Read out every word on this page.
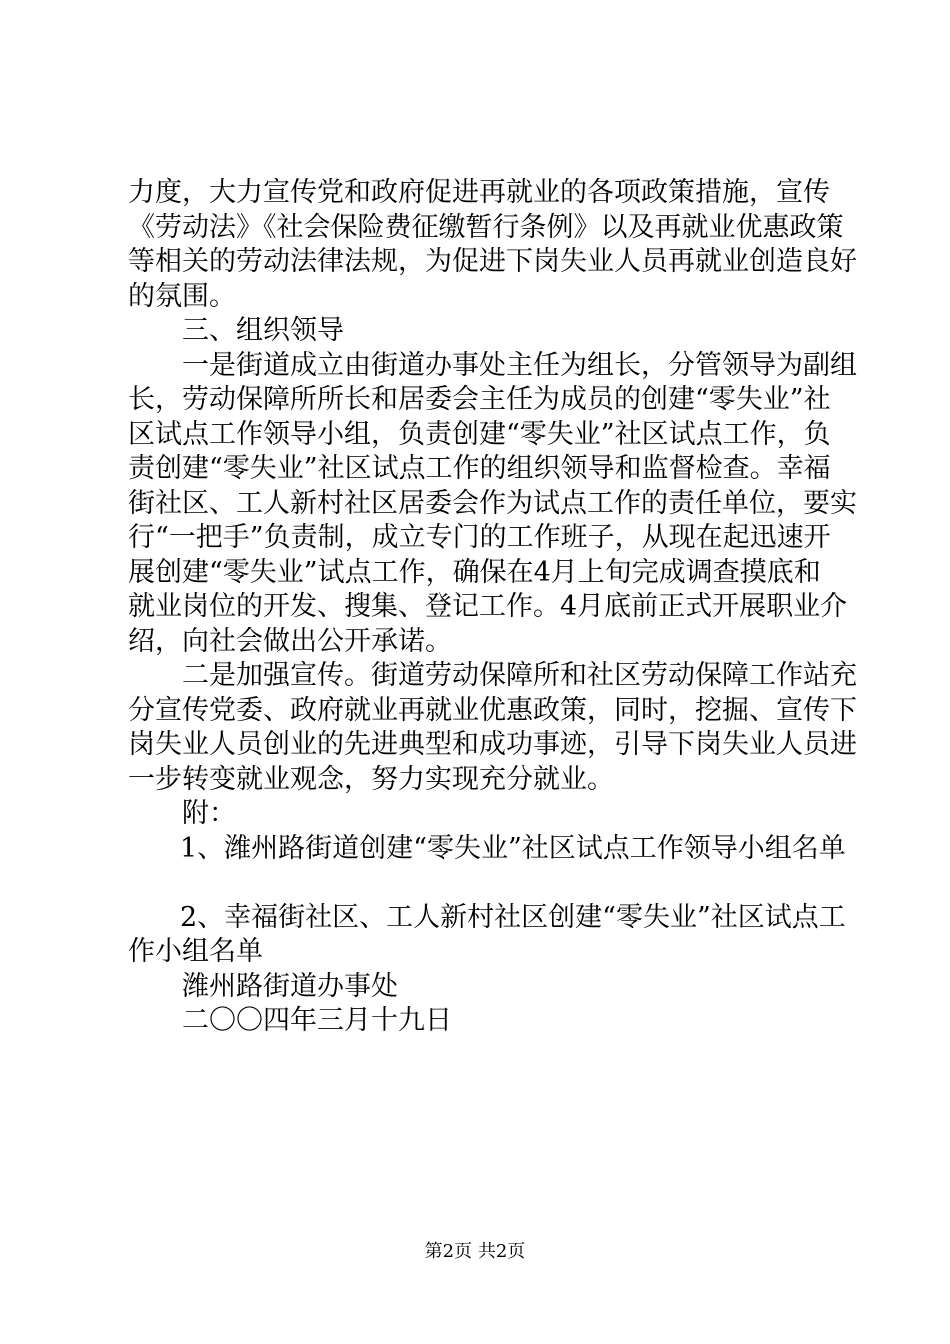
力度，大力宣传党和政府促进再就业的各项政策措施，宣传
《劳动法》《社会保险费征缴暂行条例》以及再就业优惠政策
等相关的劳动法律法规，为促进下岗失业人员再就业创造良好
的氛围。
三、组织领导
一是街道成立由街道办事处主任为组长，分管领导为副组
长，劳动保障所所长和居委会主任为成员的创建“零失业”社
区试点工作领导小组，负责创建“零失业”社区试点工作，负
责创建“零失业”社区试点工作的组织领导和监督检查。幸福
街社区、工人新村社区居委会作为试点工作的责任单位，要实
行“一把手”负责制，成立专门的工作班子，从现在起迅速开
展创建“零失业”试点工作，确保在4月上旬完成调查摸底和
就业岗位的开发、搜集、登记工作。4月底前正式开展职业介
绍，向社会做出公开承诺。
二是加强宣传。街道劳动保障所和社区劳动保障工作站充
分宣传党委、政府就业再就业优惠政策，同时，挖掘、宣传下
岗失业人员创业的先进典型和成功事迹，引导下岗失业人员进
一步转变就业观念，努力实现充分就业。
附：
1、潍州路街道创建“零失业”社区试点工作领导小组名单
2、幸福街社区、工人新村社区创建“零失业”社区试点工
作小组名单
潍州路街道办事处
二〇〇四年三月十九日
第2页 共2页
